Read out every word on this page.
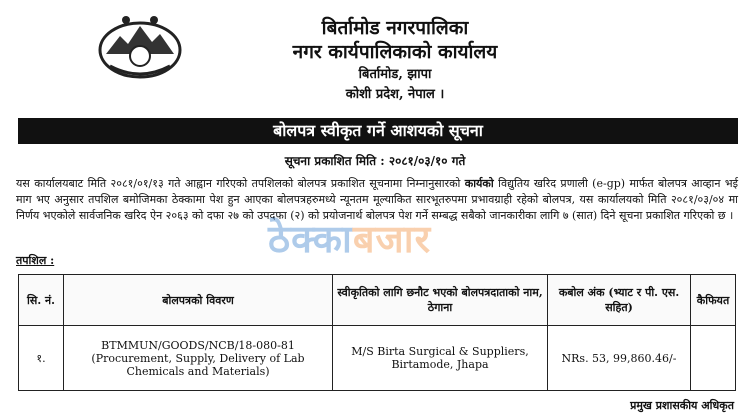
बिर्तामोड नगरपालिका
नगर कार्यपालिकाको कार्यालय
बिर्तामोड, झापा
कोशी प्रदेश, नेपाल ।
बोलपत्र स्वीकृत गर्ने आशयको सूचना
सूचना प्रकाशित मिति : २०८१/०३/१० गते
यस कार्यालयबाट मिति २०८१/०१/१३ गते आह्वान गरिएको तपशिलको बोलपत्र प्रकाशित सूचनामा निम्नानुसारको कार्यको विद्युतिय खरिद प्रणाली (e-gp) मार्फत बोलपत्र आव्हान भई माग भए अनुसार तपशिल बमोजिमका ठेक्कामा पेश हुन आएका बोलपत्रहरुमध्ये न्यूनतम मूल्याकित सारभूतरुपमा प्रभावग्राही रहेको बोलपत्र, यस कार्यालयको मिति २०८१/०३/०४ मा निर्णय भएकोले सार्वजनिक खरिद ऐन २०६३ को दफा २७ को उपदफा (२) को प्रयोजनार्थ बोलपत्र पेश गर्ने सम्बद्ध सबैको जानकारीका लागि ७ (सात) दिने सूचना प्रकाशित गरिएको छ ।
ठेक्काबजार
तपशिल :
सि. नं.	बोलपत्रको विवरण	स्वीकृतिको लागि छनौट भएको बोलपत्रदाताको नाम, ठेगाना	कबोल अंक (भ्याट र पी. एस. सहित)	कैफियत
१.	BTMMUN/GOODS/NCB/18-080-81 (Procurement, Supply, Delivery of Lab Chemicals and Materials)	M/S Birta Surgical & Suppliers, Birtamode, Jhapa	NRs. 53, 99,860.46/-	
प्रमुख प्रशासकीय अधिकृत
